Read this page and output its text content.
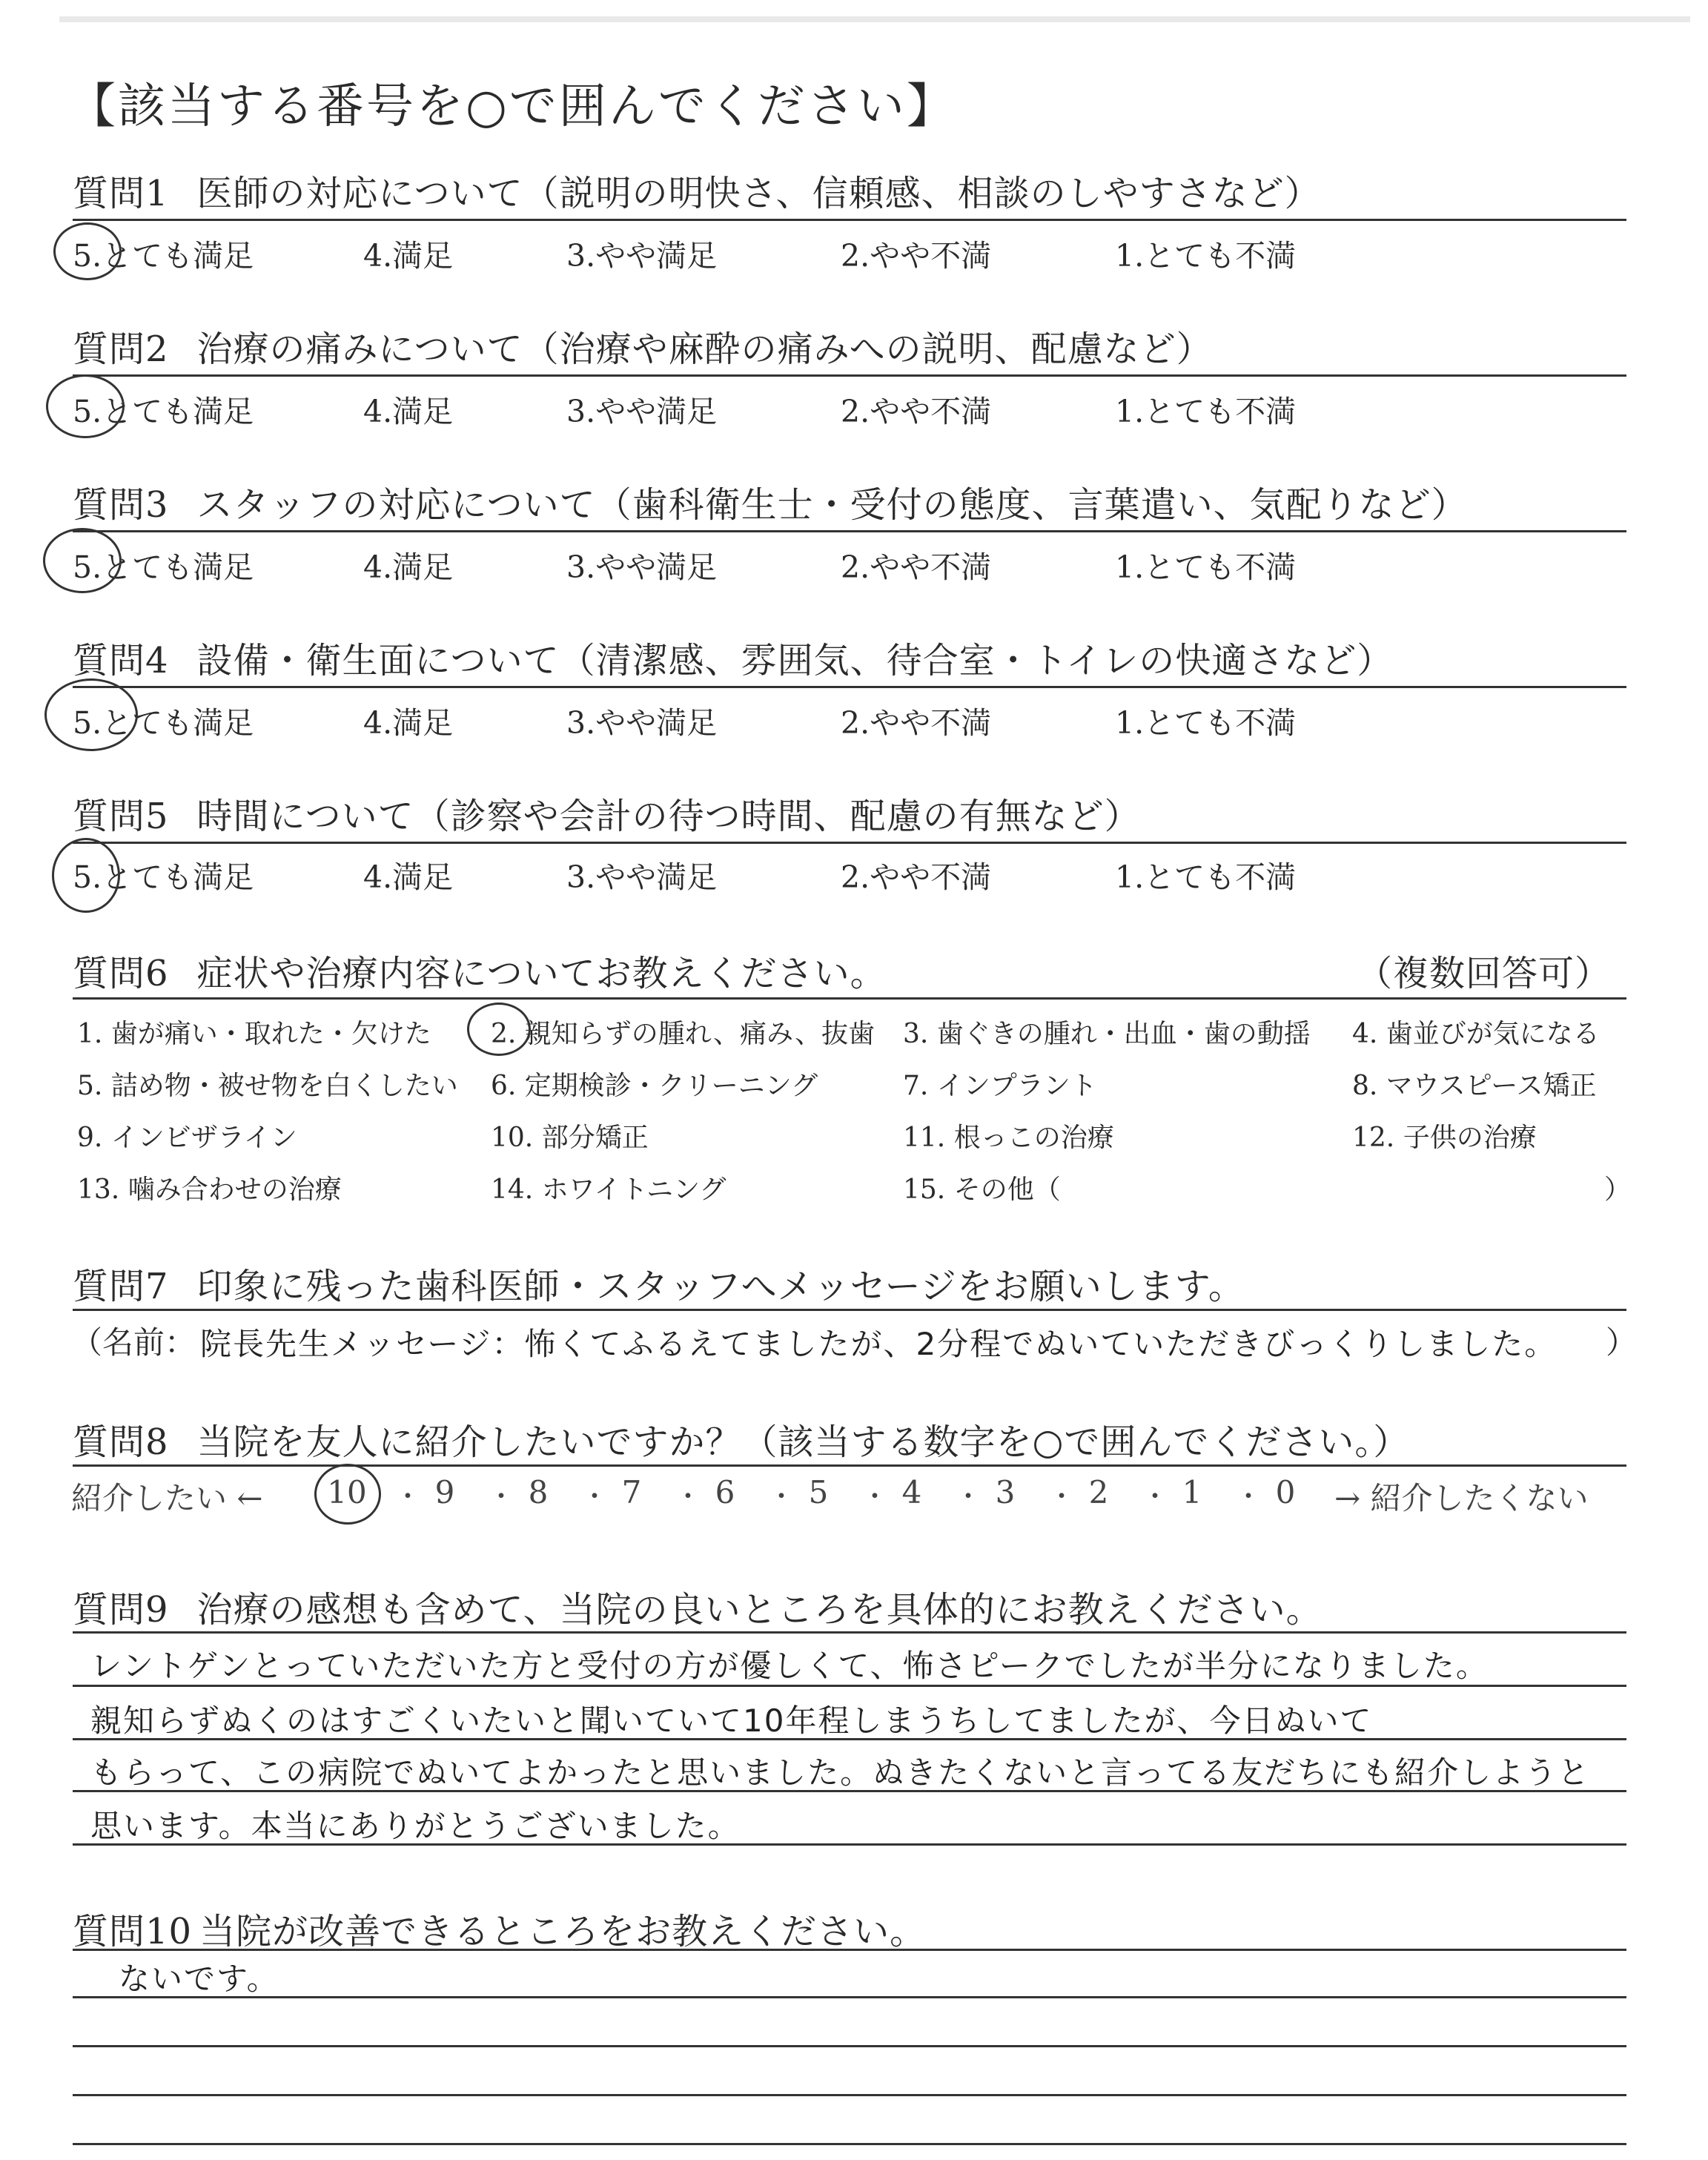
【該当する番号を○で囲んでください】
質問1 医師の対応について（説明の明快さ、信頼感、相談のしやすさなど）
5.とても満足	4.満足	3.やや満足	2.やや不満	1.とても不満
質問2 治療の痛みについて（治療や麻酔の痛みへの説明、配慮など）
5.とても満足	4.満足	3.やや満足	2.やや不満	1.とても不満
質問3 スタッフの対応について（歯科衛生士・受付の態度、言葉遣い、気配りなど）
5.とても満足	4.満足	3.やや満足	2.やや不満	1.とても不満
質問4 設備・衛生面について（清潔感、雰囲気、待合室・トイレの快適さなど）
5.とても満足	4.満足	3.やや満足	2.やや不満	1.とても不満
質問5 時間について（診察や会計の待つ時間、配慮の有無など）
5.とても満足	4.満足	3.やや満足	2.やや不満	1.とても不満
質問6 症状や治療内容についてお教えください。	（複数回答可）
1. 歯が痛い・取れた・欠けた 2. 親知らずの腫れ、痛み、抜歯 3. 歯ぐきの腫れ・出血・歯の動揺 4. 歯並びが気になる
5. 詰め物・被せ物を白くしたい 6. 定期検診・クリーニング	7. インプラント	8. マウスピース矯正
9. インビザライン	10. 部分矯正	11. 根っこの治療	12. 子供の治療
13. 噛み合わせの治療	14. ホワイトニング	15. その他（	）
質問7 印象に残った歯科医師・スタッフへメッセージをお願いします。
（名前： 院長先生メッセージ：怖くてふるえてましたが、2分程でぬいていただきびっくりしました。 ）
質問8 当院を友人に紹介したいですか？（該当する数字を○で囲んでください。）
紹介したい ← 10 ・ 9	・ 8	・ 7	・ 6	・ 5	・ 4	・ 3	・ 2	・ 1	・ 0	→ 紹介したくない
質問9 治療の感想も含めて、当院の良いところを具体的にお教えください。
レントゲンとっていただいた方と受付の方が優しくて、怖さピークでしたが半分になりました。
親知らずぬくのはすごくいたいと聞いていて10年程しまうちしてましたが、今日ぬいて
もらって、この病院でぬいてよかったと思いました。ぬきたくないと言ってる友だちにも紹介しようと
思います。本当にありがとうございました。
質問10 当院が改善できるところをお教えください。
ないです。
